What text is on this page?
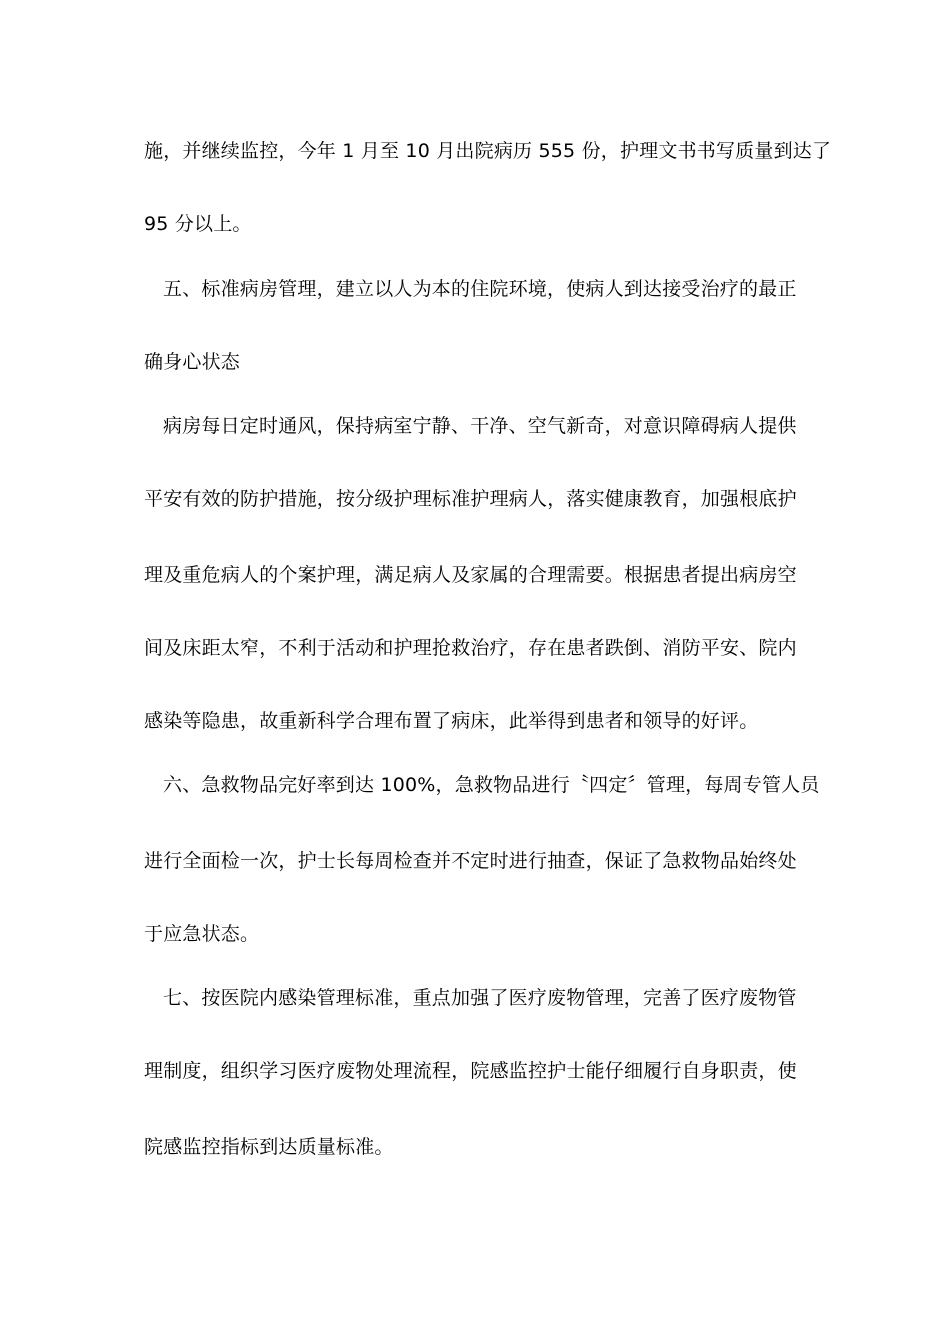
施，并继续监控，今年 1 月至 10 月出院病历 555 份，护理文书书写质量到达了
95 分以上。
五、标准病房管理，建立以人为本的住院环境，使病人到达接受治疗的最正
确身心状态
病房每日定时通风，保持病室宁静、干净、空气新奇，对意识障碍病人提供
平安有效的防护措施，按分级护理标准护理病人，落实健康教育，加强根底护
理及重危病人的个案护理，满足病人及家属的合理需要。根据患者提出病房空
间及床距太窄，不利于活动和护理抢救治疗，存在患者跌倒、消防平安、院内
感染等隐患，故重新科学合理布置了病床，此举得到患者和领导的好评。
六、急救物品完好率到达 100%，急救物品进行〝四定〞管理，每周专管人员
进行全面检一次，护士长每周检查并不定时进行抽查，保证了急救物品始终处
于应急状态。
七、按医院内感染管理标准，重点加强了医疗废物管理，完善了医疗废物管
理制度，组织学习医疗废物处理流程，院感监控护士能仔细履行自身职责，使
院感监控指标到达质量标准。
